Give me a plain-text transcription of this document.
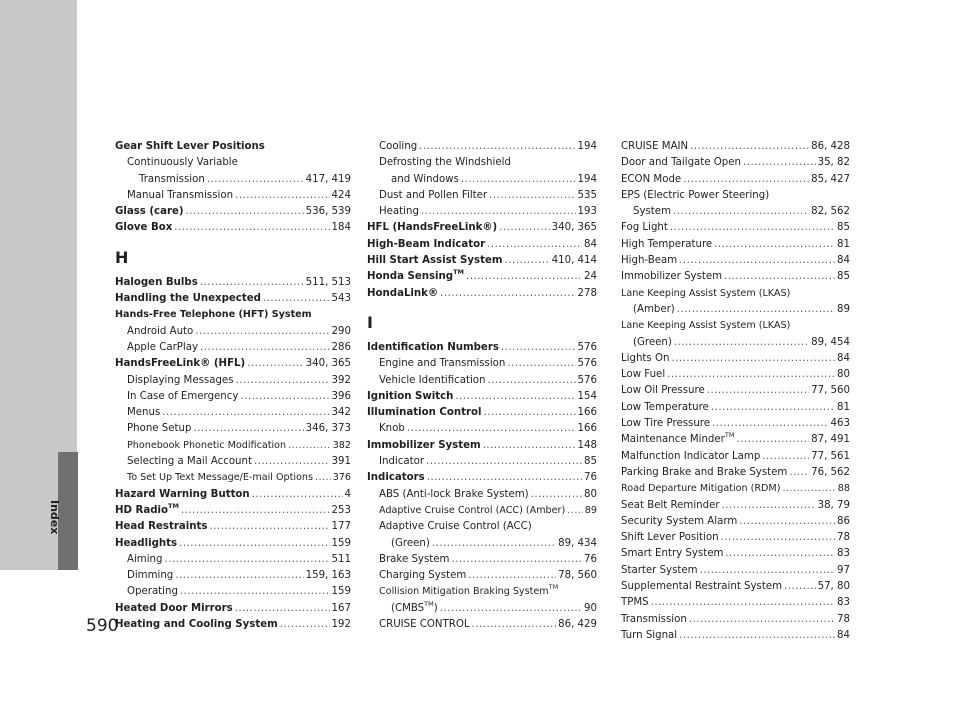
Index
Gear Shift Lever Positions
Continuously Variable
Transmission .....	417, 419
Manual Transmission .....	424
Glass (care) .....	536, 539
Glove Box .....	184
H
Halogen Bulbs .....	511, 513
Handling the Unexpected .....	543
Hands-Free Telephone (HFT) System
Android Auto .....	290
Apple CarPlay .....	286
HandsFreeLink® (HFL) .....	340, 365
Displaying Messages .....	392
In Case of Emergency .....	396
Menus .....	342
Phone Setup .....	346, 373
Phonebook Phonetic Modification .....	382
Selecting a Mail Account .....	391
To Set Up Text Message/E-mail Options ..... 376
Hazard Warning Button .....	4
HD Radio™ .....	253
Head Restraints .....	177
Headlights .....	159
Aiming .....	511
Dimming .....	159, 163
Operating .....	159
Heated Door Mirrors .....	167
Heating and Cooling System .....	192
Cooling .....	194
Defrosting the Windshield
and Windows .....	194
Dust and Pollen Filter .....	535
Heating .....	193
HFL (HandsFreeLink®) .....	340, 365
High-Beam Indicator .....	84
Hill Start Assist System .....	410, 414
Honda Sensing™ .....	24
HondaLink® .....	278
I
Identification Numbers .....	576
Engine and Transmission .....	576
Vehicle Identification .....	576
Ignition Switch .....	154
Illumination Control .....	166
Knob .....	166
Immobilizer System .....	148
Indicator .....	85
Indicators .....	76
ABS (Anti-lock Brake System) .....	80
Adaptive Cruise Control (ACC) (Amber) ..... 89
Adaptive Cruise Control (ACC)
(Green) .....	89, 434
Brake System .....	76
Charging System .....	78, 560
Collision Mitigation Braking System™
(CMBS™) .....	90
CRUISE CONTROL .....	86, 429
CRUISE MAIN .....	86, 428
Door and Tailgate Open .....	35, 82
ECON Mode .....	85, 427
EPS (Electric Power Steering)
System .....	82, 562
Fog Light .....	85
High Temperature .....	81
High-Beam .....	84
Immobilizer System .....	85
Lane Keeping Assist System (LKAS)
(Amber) .....	89
Lane Keeping Assist System (LKAS)
(Green) .....	89, 454
Lights On .....	84
Low Fuel .....	80
Low Oil Pressure .....	77, 560
Low Temperature .....	81
Low Tire Pressure .....	463
Maintenance Minder™ .....	87, 491
Malfunction Indicator Lamp .....	77, 561
Parking Brake and Brake System ..... 76, 562
Road Departure Mitigation (RDM) .....	88
Seat Belt Reminder .....	38, 79
Security System Alarm .....	86
Shift Lever Position .....	78
Smart Entry System .....	83
Starter System .....	97
Supplemental Restraint System .....	57, 80
TPMS .....	83
Transmission .....	78
Turn Signal .....	84
590
